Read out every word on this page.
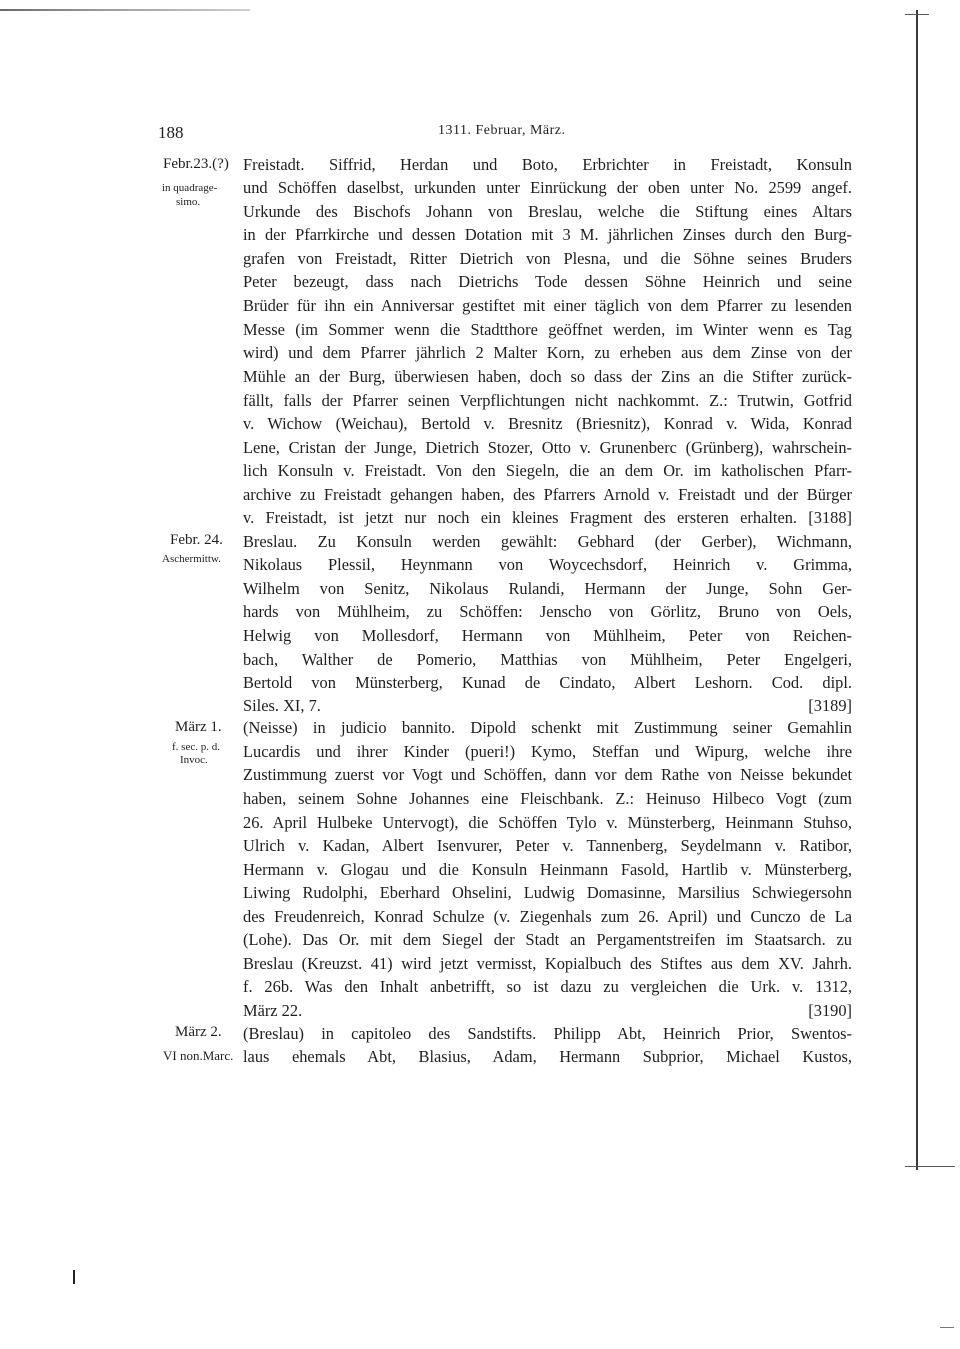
188	1311. Februar, März.
Febr.23.(?)
in quadrage-
simo.
Freistadt. Siffrid, Herdan und Boto, Erbrichter in Freistadt, Konsuln
und Schöffen daselbst, urkunden unter Einrückung der oben unter No. 2599 angef.
Urkunde des Bischofs Johann von Breslau, welche die Stiftung eines Altars
in der Pfarrkirche und dessen Dotation mit 3 M. jährlichen Zinses durch den Burg-
grafen von Freistadt, Ritter Dietrich von Plesna, und die Söhne seines Bruders
Peter bezeugt, dass nach Dietrichs Tode dessen Söhne Heinrich und seine
Brüder für ihn ein Anniversar gestiftet mit einer täglich von dem Pfarrer zu lesenden
Messe (im Sommer wenn die Stadtthore geöffnet werden, im Winter wenn es Tag
wird) und dem Pfarrer jährlich 2 Malter Korn, zu erheben aus dem Zinse von der
Mühle an der Burg, überwiesen haben, doch so dass der Zins an die Stifter zurück-
fällt, falls der Pfarrer seinen Verpflichtungen nicht nachkommt. Z.: Trutwin, Gotfrid
v. Wichow (Weichau), Bertold v. Bresnitz (Briesnitz), Konrad v. Wida, Konrad
Lene, Cristan der Junge, Dietrich Stozer, Otto v. Grunenberc (Grünberg), wahrschein-
lich Konsuln v. Freistadt. Von den Siegeln, die an dem Or. im katholischen Pfarr-
archive zu Freistadt gehangen haben, des Pfarrers Arnold v. Freistadt und der Bürger
v. Freistadt, ist jetzt nur noch ein kleines Fragment des ersteren erhalten. [3188]
Febr. 24.
Aschermittw.
Breslau. Zu Konsuln werden gewählt: Gebhard (der Gerber), Wichmann,
Nikolaus Plessil, Heynmann von Woycechsdorf, Heinrich v. Grimma,
Wilhelm von Senitz, Nikolaus Rulandi, Hermann der Junge, Sohn Ger-
hards von Mühlheim, zu Schöffen: Jenscho von Görlitz, Bruno von Oels,
Helwig von Mollesdorf, Hermann von Mühlheim, Peter von Reichen-
bach, Walther de Pomerio, Matthias von Mühlheim, Peter Engelgeri,
Bertold von Münsterberg, Kunad de Cindato, Albert Leshorn. Cod. dipl.
Siles. XI, 7.	[3189]
März 1.
f. sec. p. d.
Invoc.
(Neisse) in judicio bannito. Dipold schenkt mit Zustimmung seiner Gemahlin
Lucardis und ihrer Kinder (pueri!) Kymo, Steffan und Wipurg, welche ihre
Zustimmung zuerst vor Vogt und Schöffen, dann vor dem Rathe von Neisse bekundet
haben, seinem Sohne Johannes eine Fleischbank. Z.: Heinuso Hilbeco Vogt (zum
26. April Hulbeke Untervogt), die Schöffen Tylo v. Münsterberg, Heinmann Stuhso,
Ulrich v. Kadan, Albert Isenvurer, Peter v. Tannenberg, Seydelmann v. Ratibor,
Hermann v. Glogau und die Konsuln Heinmann Fasold, Hartlib v. Münsterberg,
Liwing Rudolphi, Eberhard Ohselini, Ludwig Domasinne, Marsilius Schwiegersohn
des Freudenreich, Konrad Schulze (v. Ziegenhals zum 26. April) und Cunczo de La
(Lohe). Das Or. mit dem Siegel der Stadt an Pergamentstreifen im Staatsarch. zu
Breslau (Kreuzst. 41) wird jetzt vermisst, Kopialbuch des Stiftes aus dem XV. Jahrh.
f. 26b. Was den Inhalt anbetrifft, so ist dazu zu vergleichen die Urk. v. 1312,
März 22.	[3190]
März 2.
VI non.Marc.
(Breslau) in capitoleo des Sandstifts. Philipp Abt, Heinrich Prior, Swentos-
laus ehemals Abt, Blasius, Adam, Hermann Subprior, Michael Kustos,
